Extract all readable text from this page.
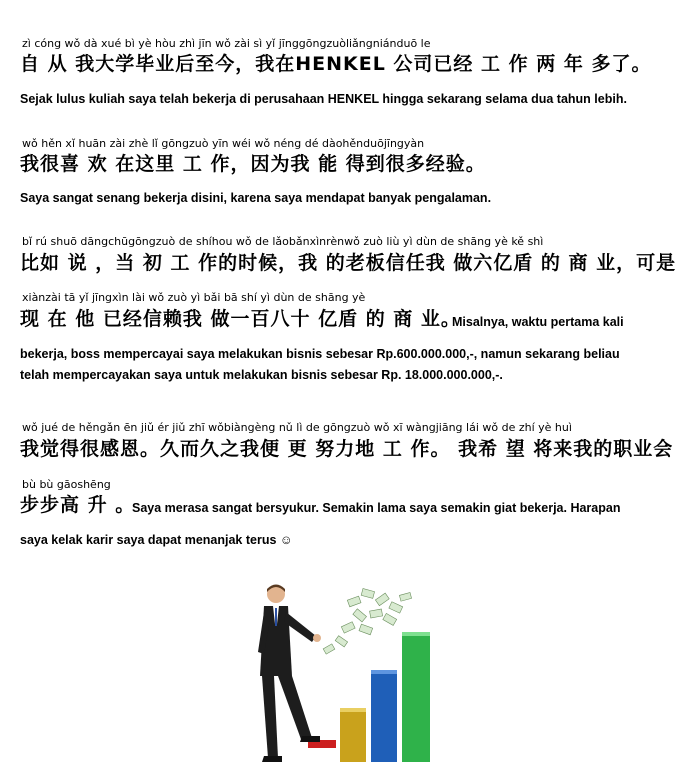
zì cóng wǒ dà xué bì yè hòu zhì jīn wǒ zài sì yǐ jīnggōngzuòliǎngniánduō le
自 从 我大学毕业后至今，我在HENKEL 公司已经 工 作 两 年 多了。
Sejak lulus kuliah saya telah bekerja di perusahaan HENKEL hingga sekarang selama dua tahun lebih.
wǒ hěn xǐ huān zài zhè lǐ gōngzuò yīn wéi wǒ néng dé dàohěnduōjīngyàn
我很喜 欢 在这里 工 作，因为我 能 得到很多经验。
Saya sangat senang bekerja disini, karena saya mendapat banyak pengalaman.
bǐ rú shuō dāngchūgōngzuò de shíhou wǒ de lǎobǎnxìnrènwǒ zuò liù yì dùn de shāng yè kě shì
比如 说 ，当 初 工 作的时候，我 的老板信任我 做六亿盾 的 商 业，可是
xiànzài tā yǐ jīngxìn lài wǒ zuò yì bǎi bā shí yì dùn de shāng yè
现 在 他 已经信赖我 做一百八十 亿盾 的 商 业。
Misalnya, waktu pertama kali
bekerja, boss mempercayai saya melakukan bisnis sebesar Rp.600.000.000,-, namun sekarang beliau
telah mempercayakan saya untuk melakukan bisnis sebesar Rp. 18.000.000.000,-.
wǒ jué de hěngǎn ēn jiǔ ér jiǔ zhī wǒbiàngèng nǔ lì de gōngzuò wǒ xī wàngjiāng lái wǒ de zhí yè huì
我觉得很感恩。久而久之我便 更 努力地 工 作。 我希 望 将来我的职业会
bù bù gāoshēng
步步高 升 。
Saya merasa sangat bersyukur. Semakin lama saya semakin giat bekerja. Harapan
saya kelak karir saya dapat menanjak terus ☺
